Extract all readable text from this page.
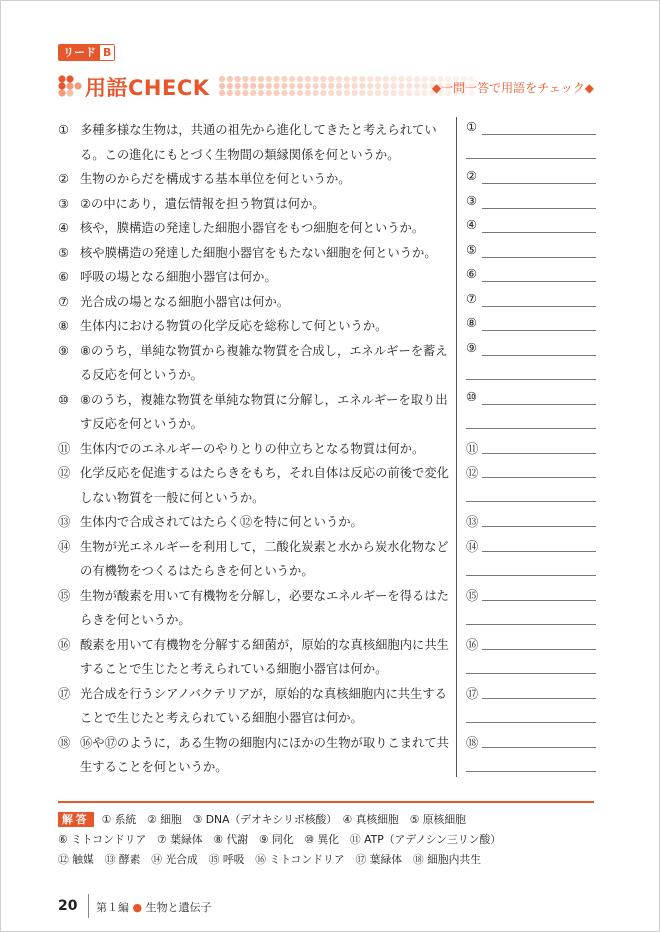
リード B
用語CHECK	◆一問一答で用語をチェック◆
① 多種多様な生物は，共通の祖先から進化してきたと考えられている。この進化にもとづく生物間の類縁関係を何というか。
② 生物のからだを構成する基本単位を何というか。
③ ②の中にあり，遺伝情報を担う物質は何か。
④ 核や，膜構造の発達した細胞小器官をもつ細胞を何というか。
⑤ 核や膜構造の発達した細胞小器官をもたない細胞を何というか。
⑥ 呼吸の場となる細胞小器官は何か。
⑦ 光合成の場となる細胞小器官は何か。
⑧ 生体内における物質の化学反応を総称して何というか。
⑨ ⑧のうち，単純な物質から複雑な物質を合成し，エネルギーを蓄える反応を何というか。
⑩ ⑧のうち，複雑な物質を単純な物質に分解し，エネルギーを取り出す反応を何というか。
⑪ 生体内でのエネルギーのやりとりの仲立ちとなる物質は何か。
⑫ 化学反応を促進するはたらきをもち，それ自体は反応の前後で変化しない物質を一般に何というか。
⑬ 生体内で合成されてはたらく⑫を特に何というか。
⑭ 生物が光エネルギーを利用して，二酸化炭素と水から炭水化物などの有機物をつくるはたらきを何というか。
⑮ 生物が酸素を用いて有機物を分解し，必要なエネルギーを得るはたらきを何というか。
⑯ 酸素を用いて有機物を分解する細菌が，原始的な真核細胞内に共生することで生じたと考えられている細胞小器官は何か。
⑰ 光合成を行うシアノバクテリアが，原始的な真核細胞内に共生することで生じたと考えられている細胞小器官は何か。
⑱ ⑯や⑰のように，ある生物の細胞内にほかの生物が取りこまれて共生することを何というか。
①
②
③
④
⑤
⑥
⑦
⑧
⑨
⑩
⑪
⑫
⑬
⑭
⑮
⑯
⑰
⑱
解答 ① 系統　② 細胞　③ DNA（デオキシリボ核酸）　④ 真核細胞　⑤ 原核細胞
⑥ ミトコンドリア　⑦ 葉緑体　⑧ 代謝　⑨ 同化　⑩ 異化　⑪ ATP（アデノシン三リン酸）
⑫ 触媒　⑬ 酵素　⑭ 光合成　⑮ 呼吸　⑯ ミトコンドリア　⑰ 葉緑体　⑱ 細胞内共生
20 第１編 ● 生物と遺伝子
